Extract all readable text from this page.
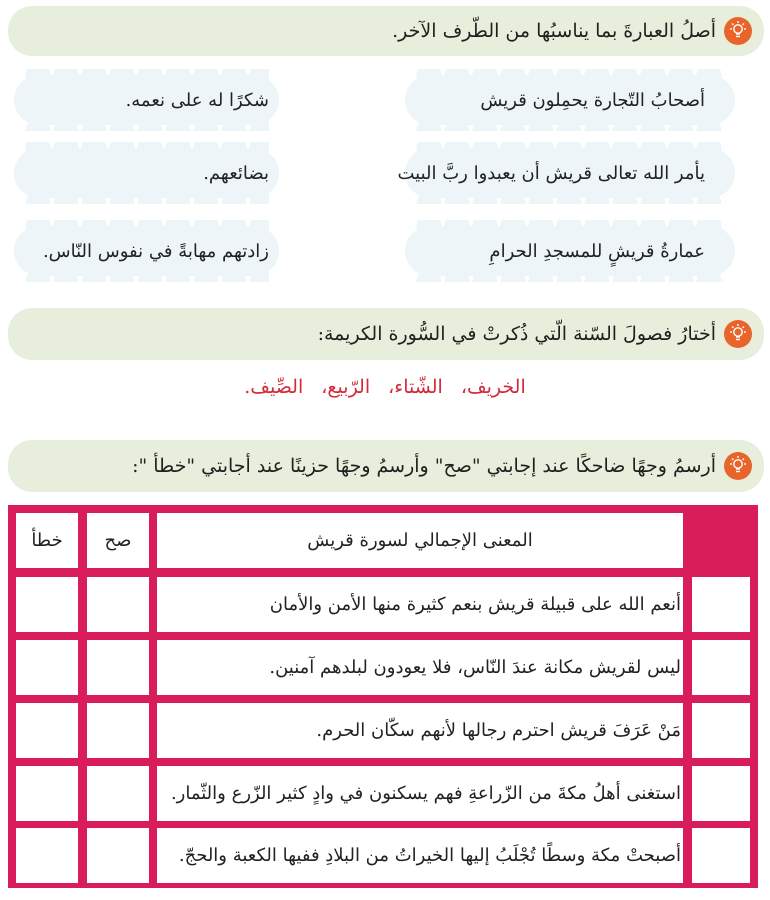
أصلُ العبارةَ بما يناسبُها من الطّرف الآخر.
أصحابُ التّجارة يحمِلون قريش
يأمر الله تعالى قريش أن يعبدوا ربَّ البيت
عمارةُ قريشٍ للمسجدِ الحرامِ
شكرًا له على نعمه.
بضائعهم.
زادتهم مهابةً في نفوس النّاس.
أختارُ فصولَ السّنة الّتي ذُكرتْ في السُّورة الكريمة:
الخريف، الشّتاء، الرّبيع، الصِّيف.
أرسمُ وجهًا ضاحكًا عند إجابتي "صح" وأرسمُ وجهًا حزينًا عند أجابتي "خطأ ":
خطأ صح	المعنى الإجمالي لسورة قريش
أنعم الله على قبيلة قريش بنعم كثيرة منها الأمن والأمان
ليس لقريش مكانة عندَ النّاس، فلا يعودون لبلدهم آمنين.
مَنْ عَرَفَ قريش احترم رجالها لأنهم سكّان الحرم.
استغنى أهلُ مكةَ من الزّراعةِ فهم يسكنون في وادٍ كثير الزّرع والثّمار.
أصبحتْ مكة وسطًا تُجْلَبُ إليها الخيراتُ من البلادِ ففيها الكعبة والحجّ.
